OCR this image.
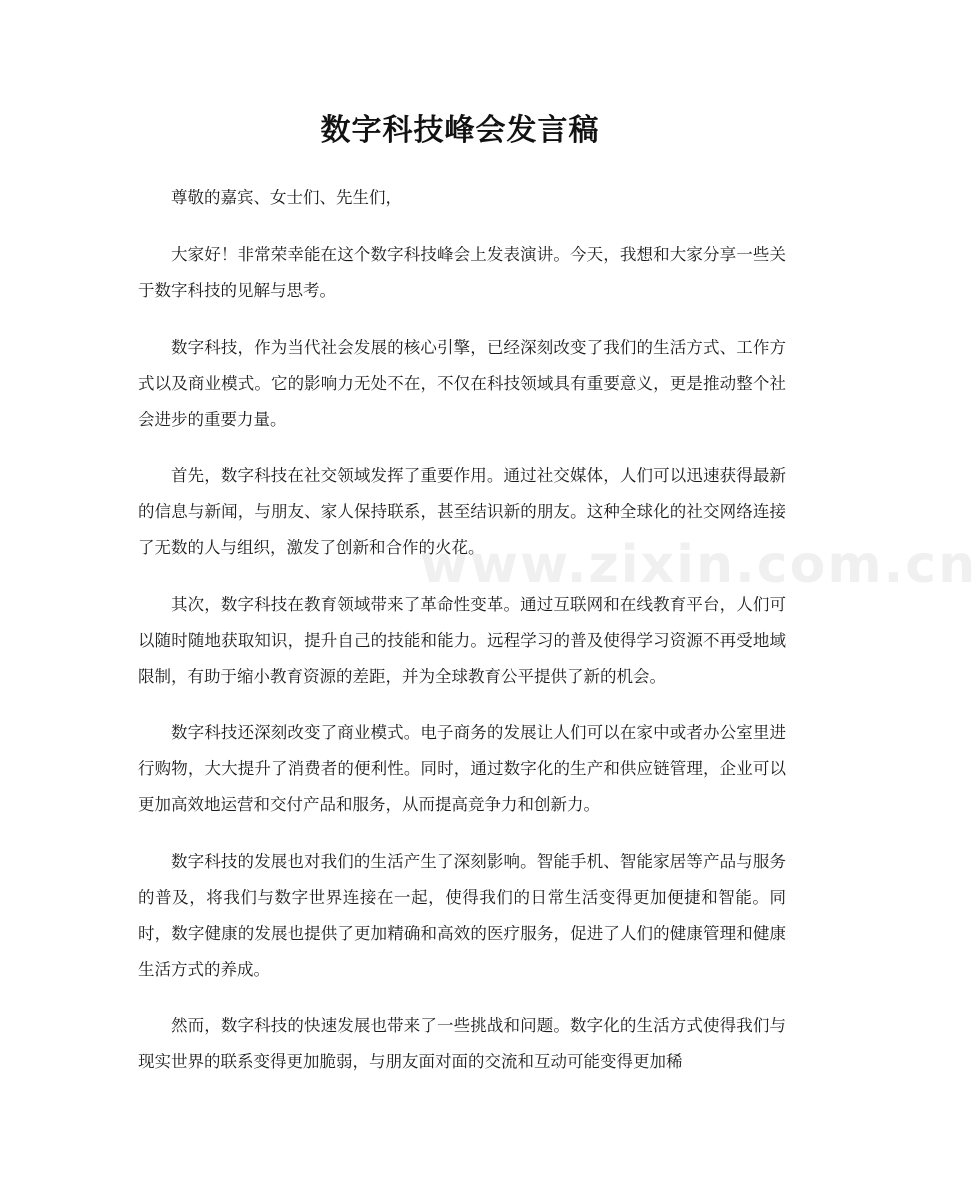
数字科技峰会发言稿
www.zixin.com.cn

尊敬的嘉宾、女士们、先生们，

大家好！非常荣幸能在这个数字科技峰会上发表演讲。今天，我想和大家分享一些关于数字科技的见解与思考。

数字科技，作为当代社会发展的核心引擎，已经深刻改变了我们的生活方式、工作方式以及商业模式。它的影响力无处不在，不仅在科技领域具有重要意义，更是推动整个社会进步的重要力量。

首先，数字科技在社交领域发挥了重要作用。通过社交媒体，人们可以迅速获得最新的信息与新闻，与朋友、家人保持联系，甚至结识新的朋友。这种全球化的社交网络连接了无数的人与组织，激发了创新和合作的火花。

其次，数字科技在教育领域带来了革命性变革。通过互联网和在线教育平台，人们可以随时随地获取知识，提升自己的技能和能力。远程学习的普及使得学习资源不再受地域限制，有助于缩小教育资源的差距，并为全球教育公平提供了新的机会。

数字科技还深刻改变了商业模式。电子商务的发展让人们可以在家中或者办公室里进行购物，大大提升了消费者的便利性。同时，通过数字化的生产和供应链管理，企业可以更加高效地运营和交付产品和服务，从而提高竞争力和创新力。

数字科技的发展也对我们的生活产生了深刻影响。智能手机、智能家居等产品与服务的普及，将我们与数字世界连接在一起，使得我们的日常生活变得更加便捷和智能。同时，数字健康的发展也提供了更加精确和高效的医疗服务，促进了人们的健康管理和健康生活方式的养成。

然而，数字科技的快速发展也带来了一些挑战和问题。数字化的生活方式使得我们与现实世界的联系变得更加脆弱，与朋友面对面的交流和互动可能变得更加稀
